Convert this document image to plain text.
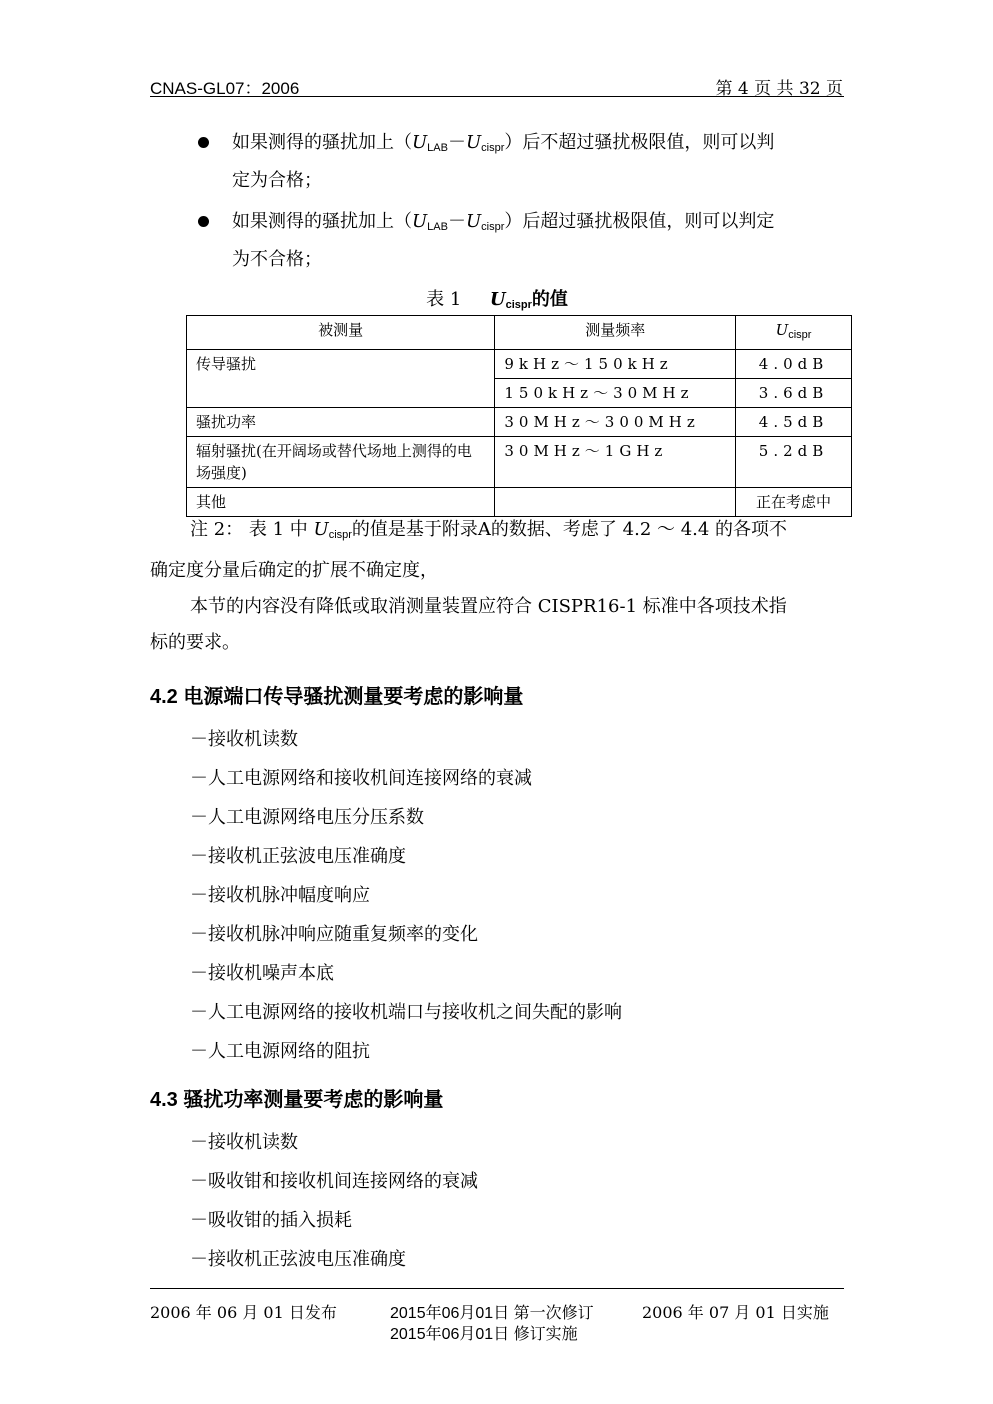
CNAS-GL07：2006	第 4 页 共 32 页
如果测得的骚扰加上$(U_{LAB}-U_{cispr})$后不超过骚扰极限值，则可以判
定为合格；
如果测得的骚扰加上$(U_{LAB}-U_{cispr})$后超过骚扰极限值，则可以判定
为不合格；
表 1 $U_{cispr}$的值
被测量	测量频率	$U_{cispr}$
传导骚扰	9kHz～150kHz	4.0dB
	150kHz～30MHz	3.6dB
骚扰功率	30MHz～300MHz	4.5dB
辐射骚扰(在开阔场或替代场地上测得的电场强度)	30MHz～1GHz	5.2dB
其他		正在考虑中
注 2： 表 1 中 $U_{cispr}$的值是基于附录A的数据、考虑了 4.2 ～ 4.4 的各项不
确定度分量后确定的扩展不确定度，
本节的内容没有降低或取消测量装置应符合 CISPR16-1 标准中各项技术指
标的要求。
4.2 电源端口传导骚扰测量要考虑的影响量
－接收机读数
－人工电源网络和接收机间连接网络的衰减
－人工电源网络电压分压系数
－接收机正弦波电压准确度
－接收机脉冲幅度响应
－接收机脉冲响应随重复频率的变化
－接收机噪声本底
－人工电源网络的接收机端口与接收机之间失配的影响
－人工电源网络的阻抗
4.3 骚扰功率测量要考虑的影响量
－接收机读数
－吸收钳和接收机间连接网络的衰减
－吸收钳的插入损耗
－接收机正弦波电压准确度
2006 年 06 月 01 日发布	2015年06月01日 第一次修订
2015年06月01日 修订实施
2006 年 07 月 01 日实施
